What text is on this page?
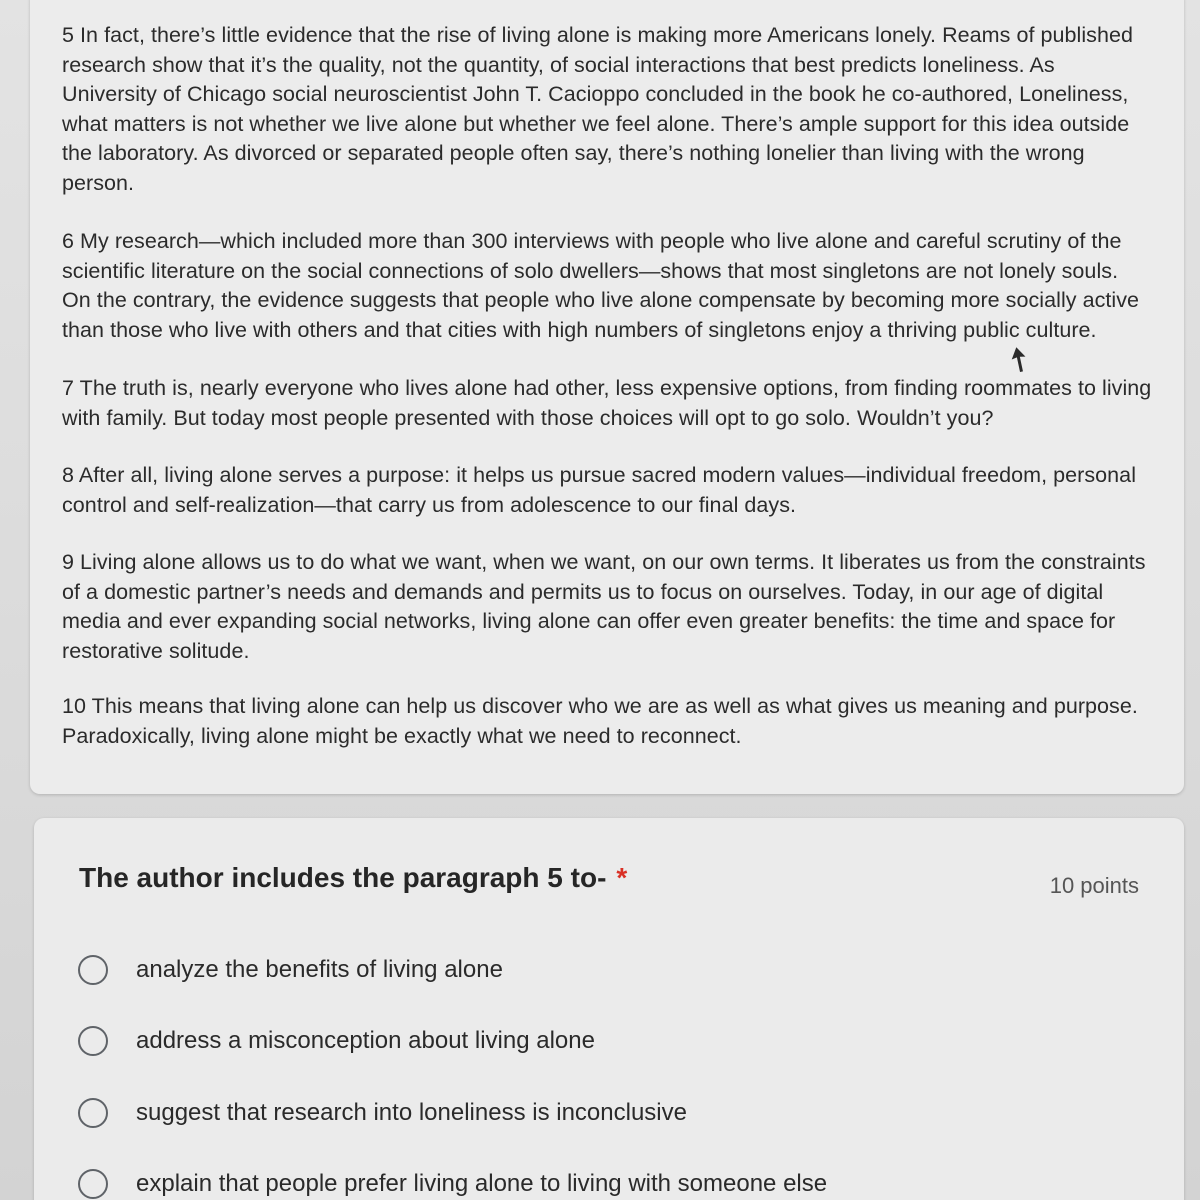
5 In fact, there’s little evidence that the rise of living alone is making more Americans lonely. Reams of published research show that it’s the quality, not the quantity, of social interactions that best predicts loneliness. As University of Chicago social neuroscientist John T. Cacioppo concluded in the book he co-authored, Loneliness, what matters is not whether we live alone but whether we feel alone. There’s ample support for this idea outside the laboratory. As divorced or separated people often say, there’s nothing lonelier than living with the wrong person.

6 My research—which included more than 300 interviews with people who live alone and careful scrutiny of the scientific literature on the social connections of solo dwellers—shows that most singletons are not lonely souls. On the contrary, the evidence suggests that people who live alone compensate by becoming more socially active than those who live with others and that cities with high numbers of singletons enjoy a thriving public culture.

7 The truth is, nearly everyone who lives alone had other, less expensive options, from finding roommates to living with family. But today most people presented with those choices will opt to go solo. Wouldn’t you?

8 After all, living alone serves a purpose: it helps us pursue sacred modern values—individual freedom, personal control and self-realization—that carry us from adolescence to our final days.

9 Living alone allows us to do what we want, when we want, on our own terms. It liberates us from the constraints of a domestic partner’s needs and demands and permits us to focus on ourselves. Today, in our age of digital media and ever expanding social networks, living alone can offer even greater benefits: the time and space for restorative solitude.

10 This means that living alone can help us discover who we are as well as what gives us meaning and purpose. Paradoxically, living alone might be exactly what we need to reconnect.

The author includes the paragraph 5 to- *	10 points
analyze the benefits of living alone
address a misconception about living alone
suggest that research into loneliness is inconclusive
explain that people prefer living alone to living with someone else
